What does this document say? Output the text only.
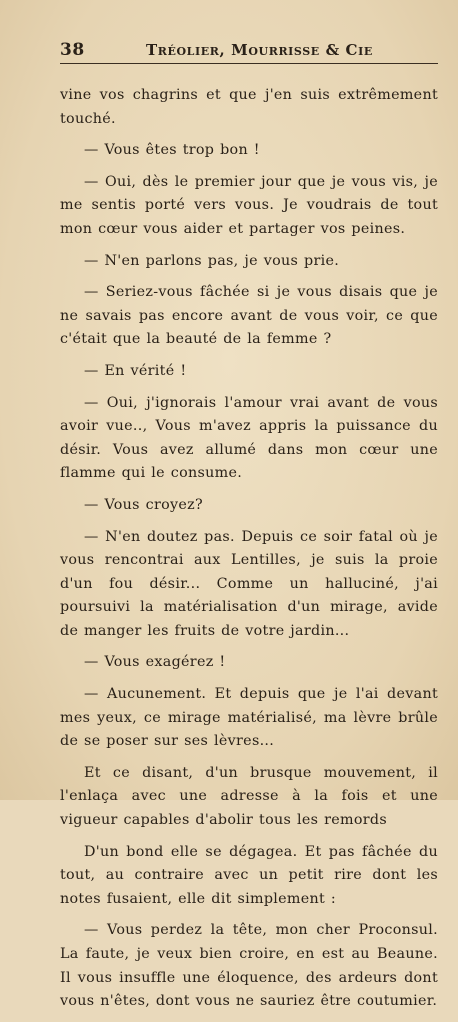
38	Tréolier, Mourrisse & Cie

vine vos chagrins et que j'en suis extrêmement touché.

— Vous êtes trop bon !

— Oui, dès le premier jour que je vous vis, je me sentis porté vers vous. Je voudrais de tout mon cœur vous aider et partager vos peines.

— N'en parlons pas, je vous prie.

— Seriez-vous fâchée si je vous disais que je ne savais pas encore avant de vous voir, ce que c'était que la beauté de la femme ?

— En vérité !

— Oui, j'ignorais l'amour vrai avant de vous avoir vue.., Vous m'avez appris la puissance du désir. Vous avez allumé dans mon cœur une flamme qui le consume.

— Vous croyez?

— N'en doutez pas. Depuis ce soir fatal où je vous rencontrai aux Lentilles, je suis la proie d'un fou désir... Comme un halluciné, j'ai poursuivi la matérialisation d'un mirage, avide de manger les fruits de votre jardin...

— Vous exagérez !

— Aucunement. Et depuis que je l'ai devant mes yeux, ce mirage matérialisé, ma lèvre brûle de se poser sur ses lèvres...

Et ce disant, d'un brusque mouvement, il l'enlaça avec une adresse à la fois et une vigueur capables d'abolir tous les remords

D'un bond elle se dégagea. Et pas fâchée du tout, au contraire avec un petit rire dont les notes fusaient, elle dit simplement :

— Vous perdez la tête, mon cher Proconsul. La faute, je veux bien croire, en est au Beaune. Il vous insuffle une éloquence, des ardeurs dont vous n'êtes, dont vous ne sauriez être coutumier.
